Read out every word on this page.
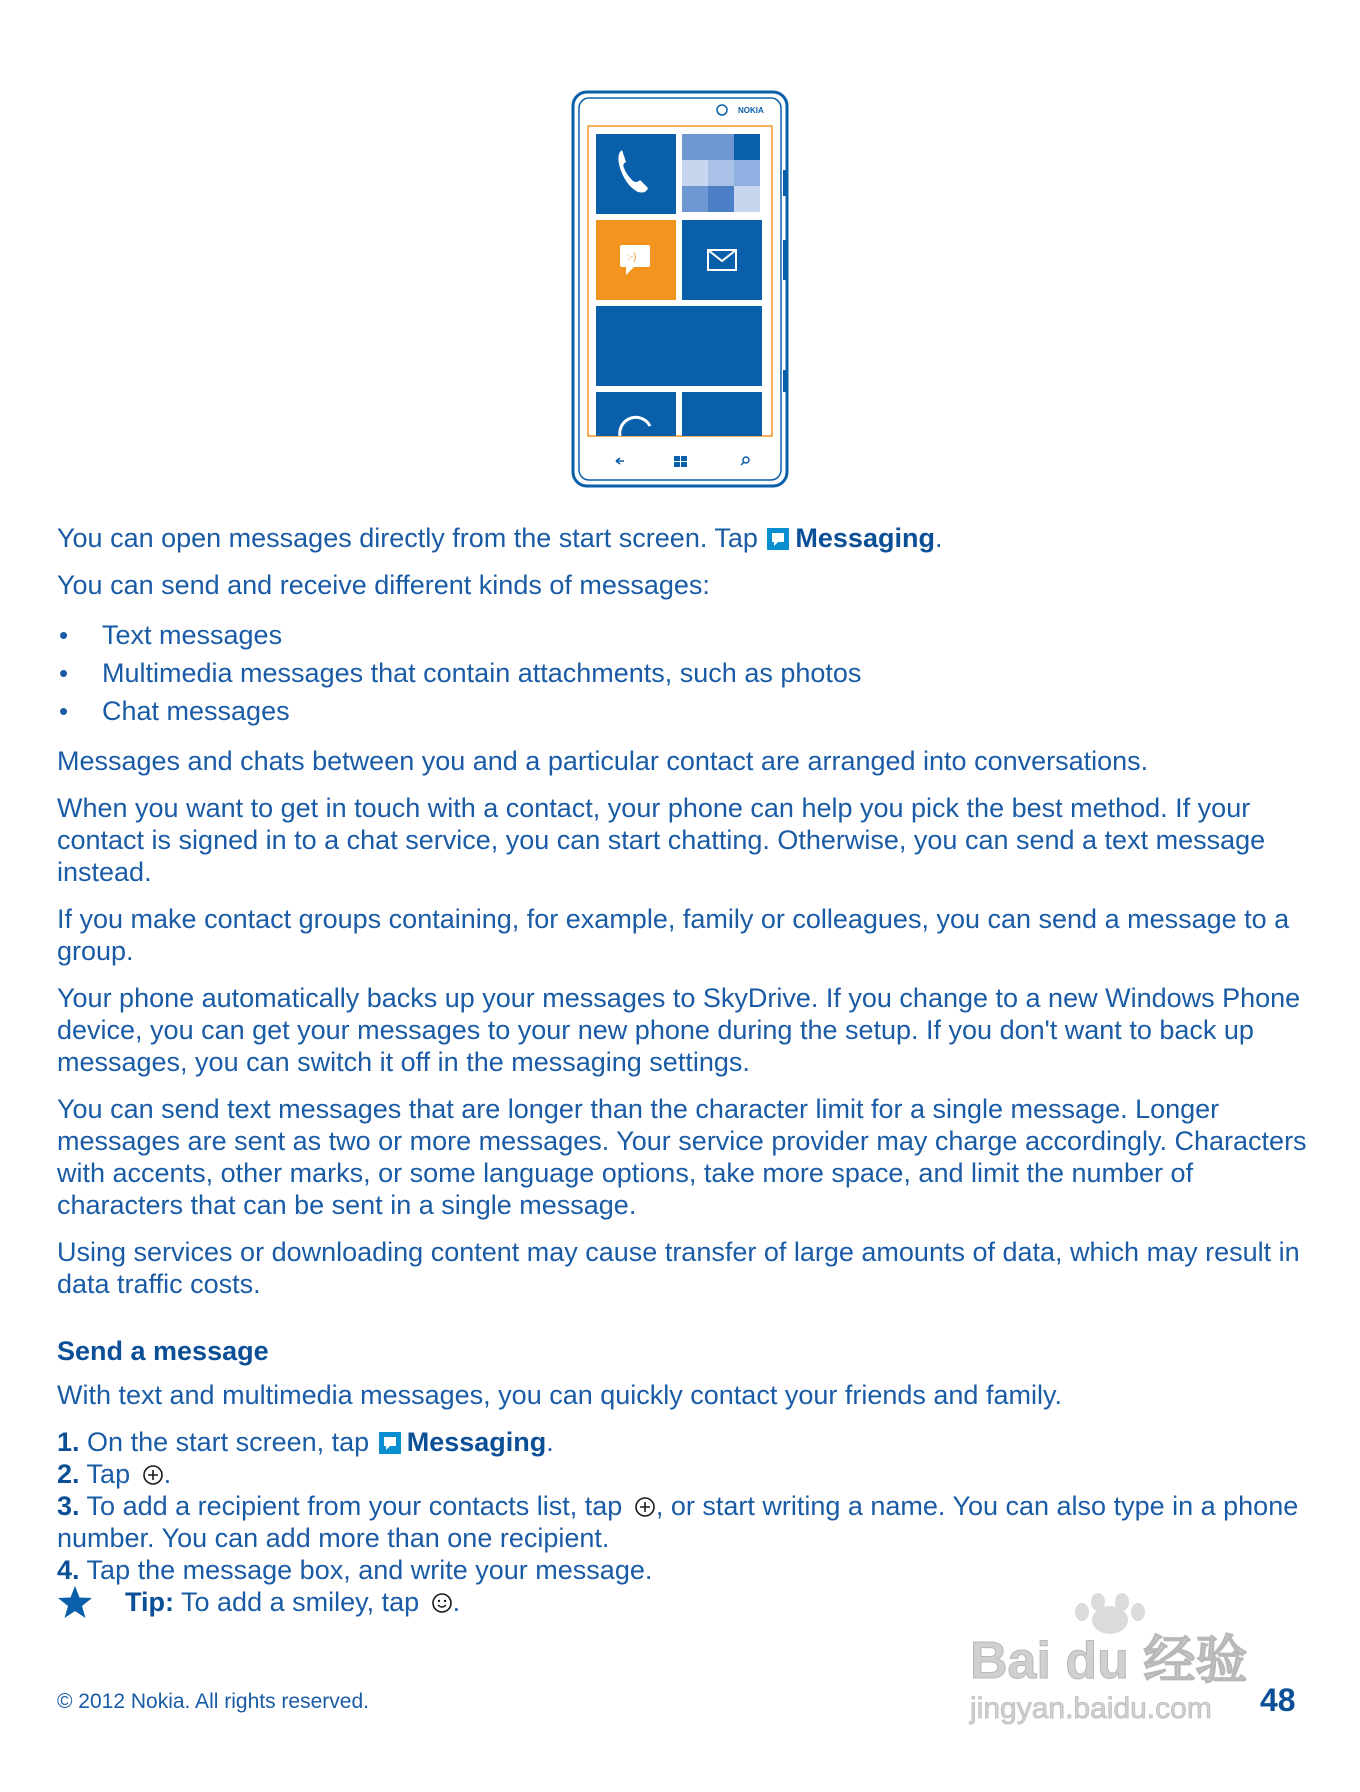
NOKIA
:-)

You can open messages directly from the start screen. Tap Messaging.

You can send and receive different kinds of messages:

• Text messages
• Multimedia messages that contain attachments, such as photos
• Chat messages

Messages and chats between you and a particular contact are arranged into conversations.

When you want to get in touch with a contact, your phone can help you pick the best method. If your contact is signed in to a chat service, you can start chatting. Otherwise, you can send a text message instead.

If you make contact groups containing, for example, family or colleagues, you can send a message to a group.

Your phone automatically backs up your messages to SkyDrive. If you change to a new Windows Phone device, you can get your messages to your new phone during the setup. If you don't want to back up messages, you can switch it off in the messaging settings.

You can send text messages that are longer than the character limit for a single message. Longer messages are sent as two or more messages. Your service provider may charge accordingly. Characters with accents, other marks, or some language options, take more space, and limit the number of characters that can be sent in a single message.

Using services or downloading content may cause transfer of large amounts of data, which may result in data traffic costs.

Send a message

With text and multimedia messages, you can quickly contact your friends and family.

1. On the start screen, tap Messaging.

2. Tap .

3. To add a recipient from your contacts list, tap , or start writing a name. You can also type in a phone number. You can add more than one recipient.

4. Tap the message box, and write your message.

Tip: To add a smiley, tap .

Bai du 经验
jingyan.baidu.com
© 2012 Nokia. All rights reserved.	48
